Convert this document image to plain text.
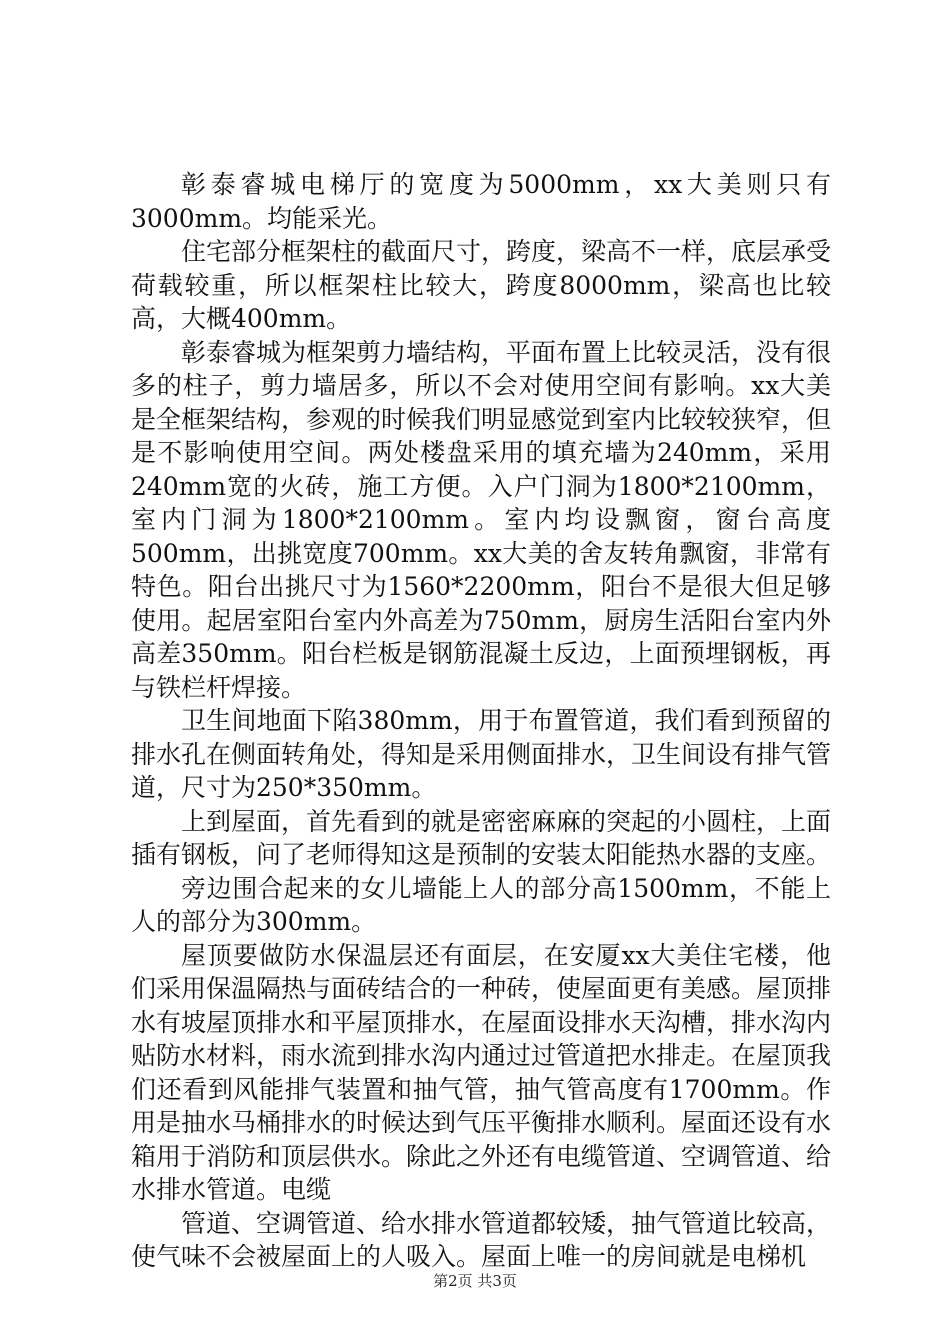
彰泰睿城电梯厅的宽度为5000mm，xx大美则只有3000mm。均能采光。

住宅部分框架柱的截面尺寸，跨度，梁高不一样，底层承受荷载较重，所以框架柱比较大，跨度8000mm，梁高也比较高，大概400mm。

彰泰睿城为框架剪力墙结构，平面布置上比较灵活，没有很多的柱子，剪力墙居多，所以不会对使用空间有影响。xx大美是全框架结构，参观的时候我们明显感觉到室内比较较狭窄，但是不影响使用空间。两处楼盘采用的填充墙为240mm，采用240mm宽的火砖，施工方便。入户门洞为1800*2100mm，室内门洞为1800*2100mm。室内均设飘窗，窗台高度500mm，出挑宽度700mm。xx大美的舍友转角飘窗，非常有特色。阳台出挑尺寸为1560*2200mm，阳台不是很大但足够使用。起居室阳台室内外高差为750mm，厨房生活阳台室内外高差350mm。阳台栏板是钢筋混凝土反边，上面预埋钢板，再与铁栏杆焊接。

卫生间地面下陷380mm，用于布置管道，我们看到预留的排水孔在侧面转角处，得知是采用侧面排水，卫生间设有排气管道，尺寸为250*350mm。

上到屋面，首先看到的就是密密麻麻的突起的小圆柱，上面插有钢板，问了老师得知这是预制的安装太阳能热水器的支座。

旁边围合起来的女儿墙能上人的部分高1500mm，不能上人的部分为300mm。

屋顶要做防水保温层还有面层，在安厦xx大美住宅楼，他们采用保温隔热与面砖结合的一种砖，使屋面更有美感。屋顶排水有坡屋顶排水和平屋顶排水，在屋面设排水天沟槽，排水沟内贴防水材料，雨水流到排水沟内通过过管道把水排走。在屋顶我们还看到风能排气装置和抽气管，抽气管高度有1700mm。作用是抽水马桶排水的时候达到气压平衡排水顺利。屋面还设有水箱用于消防和顶层供水。除此之外还有电缆管道、空调管道、给水排水管道。电缆

管道、空调管道、给水排水管道都较矮，抽气管道比较高，使气味不会被屋面上的人吸入。屋面上唯一的房间就是电梯机

第2页 共3页
